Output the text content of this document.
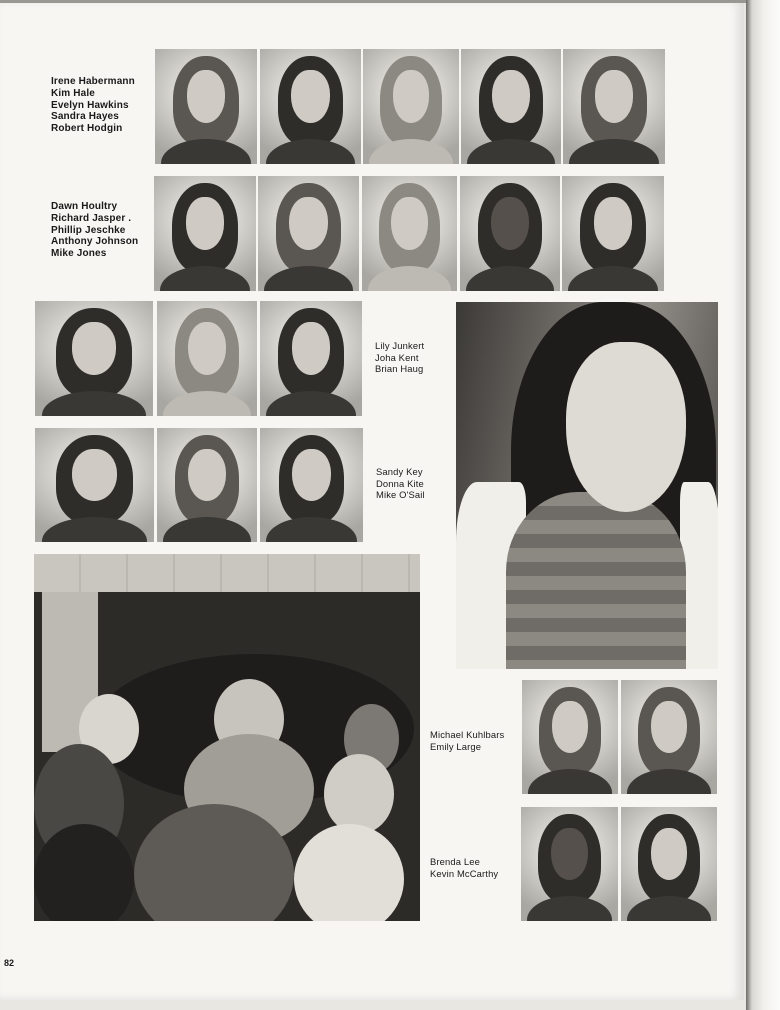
Irene Habermann
Kim Hale
Evelyn Hawkins
Sandra Hayes
Robert Hodgin
Dawn Houltry
Richard Jasper .
Phillip Jeschke
Anthony Johnson
Mike Jones
Lily Junkert
Joha Kent
Brian Haug
Sandy Key
Donna Kite
Mike O'Sail
Michael Kuhlbars
Emily Large
Brenda Lee
Kevin McCarthy
82
